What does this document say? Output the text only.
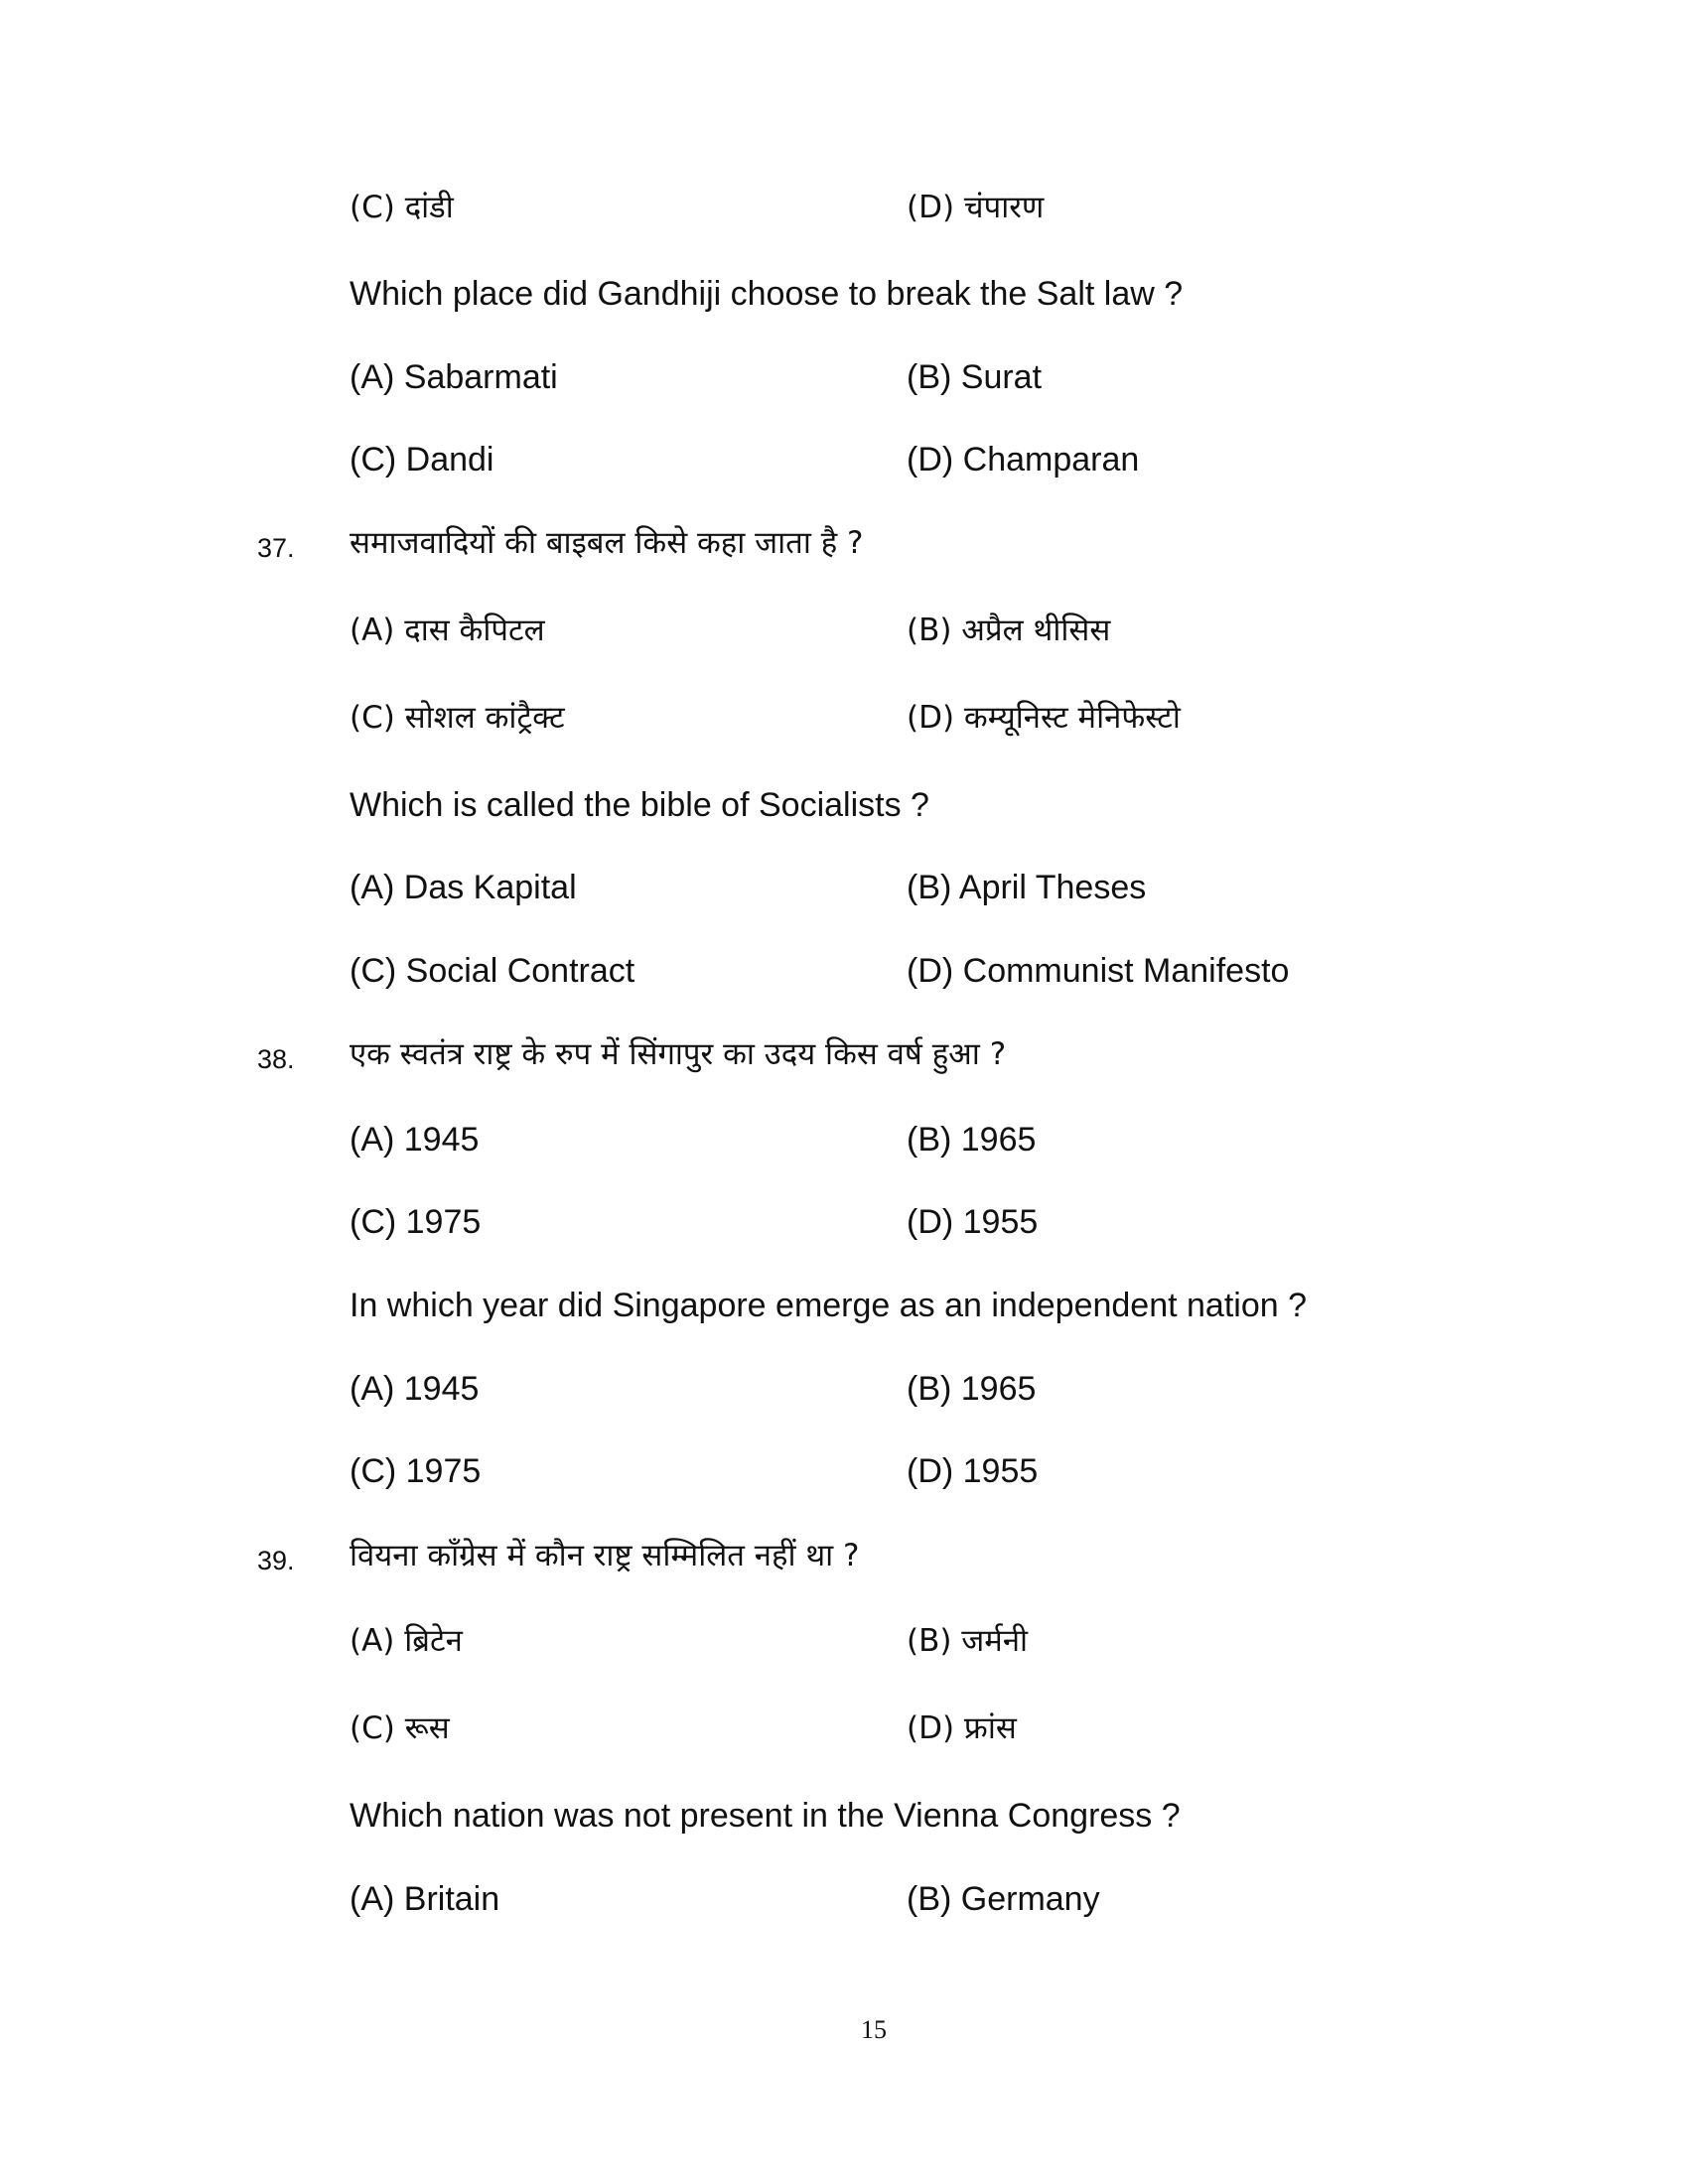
(C) दांडी	(D) चंपारण
Which place did Gandhiji choose to break the Salt law ?
(A) Sabarmati	(B) Surat
(C) Dandi	(D) Champaran
37. समाजवादियों की बाइबल किसे कहा जाता है ?
(A) दास कैपिटल	(B) अप्रैल थीसिस
(C) सोशल कांट्रैक्ट	(D) कम्यूनिस्ट मेनिफेस्टो
Which is called the bible of Socialists ?
(A) Das Kapital	(B) April Theses
(C) Social Contract	(D) Communist Manifesto
38. एक स्वतंत्र राष्ट्र के रुप में सिंगापुर का उदय किस वर्ष हुआ ?
(A) 1945	(B) 1965
(C) 1975	(D) 1955
In which year did Singapore emerge as an independent nation ?
(A) 1945	(B) 1965
(C) 1975	(D) 1955
39. वियना कॉंग्रेस में कौन राष्ट्र सम्मिलित नहीं था ?
(A) ब्रिटेन	(B) जर्मनी
(C) रूस	(D) फ्रांस
Which nation was not present in the Vienna Congress ?
(A) Britain	(B) Germany
15
